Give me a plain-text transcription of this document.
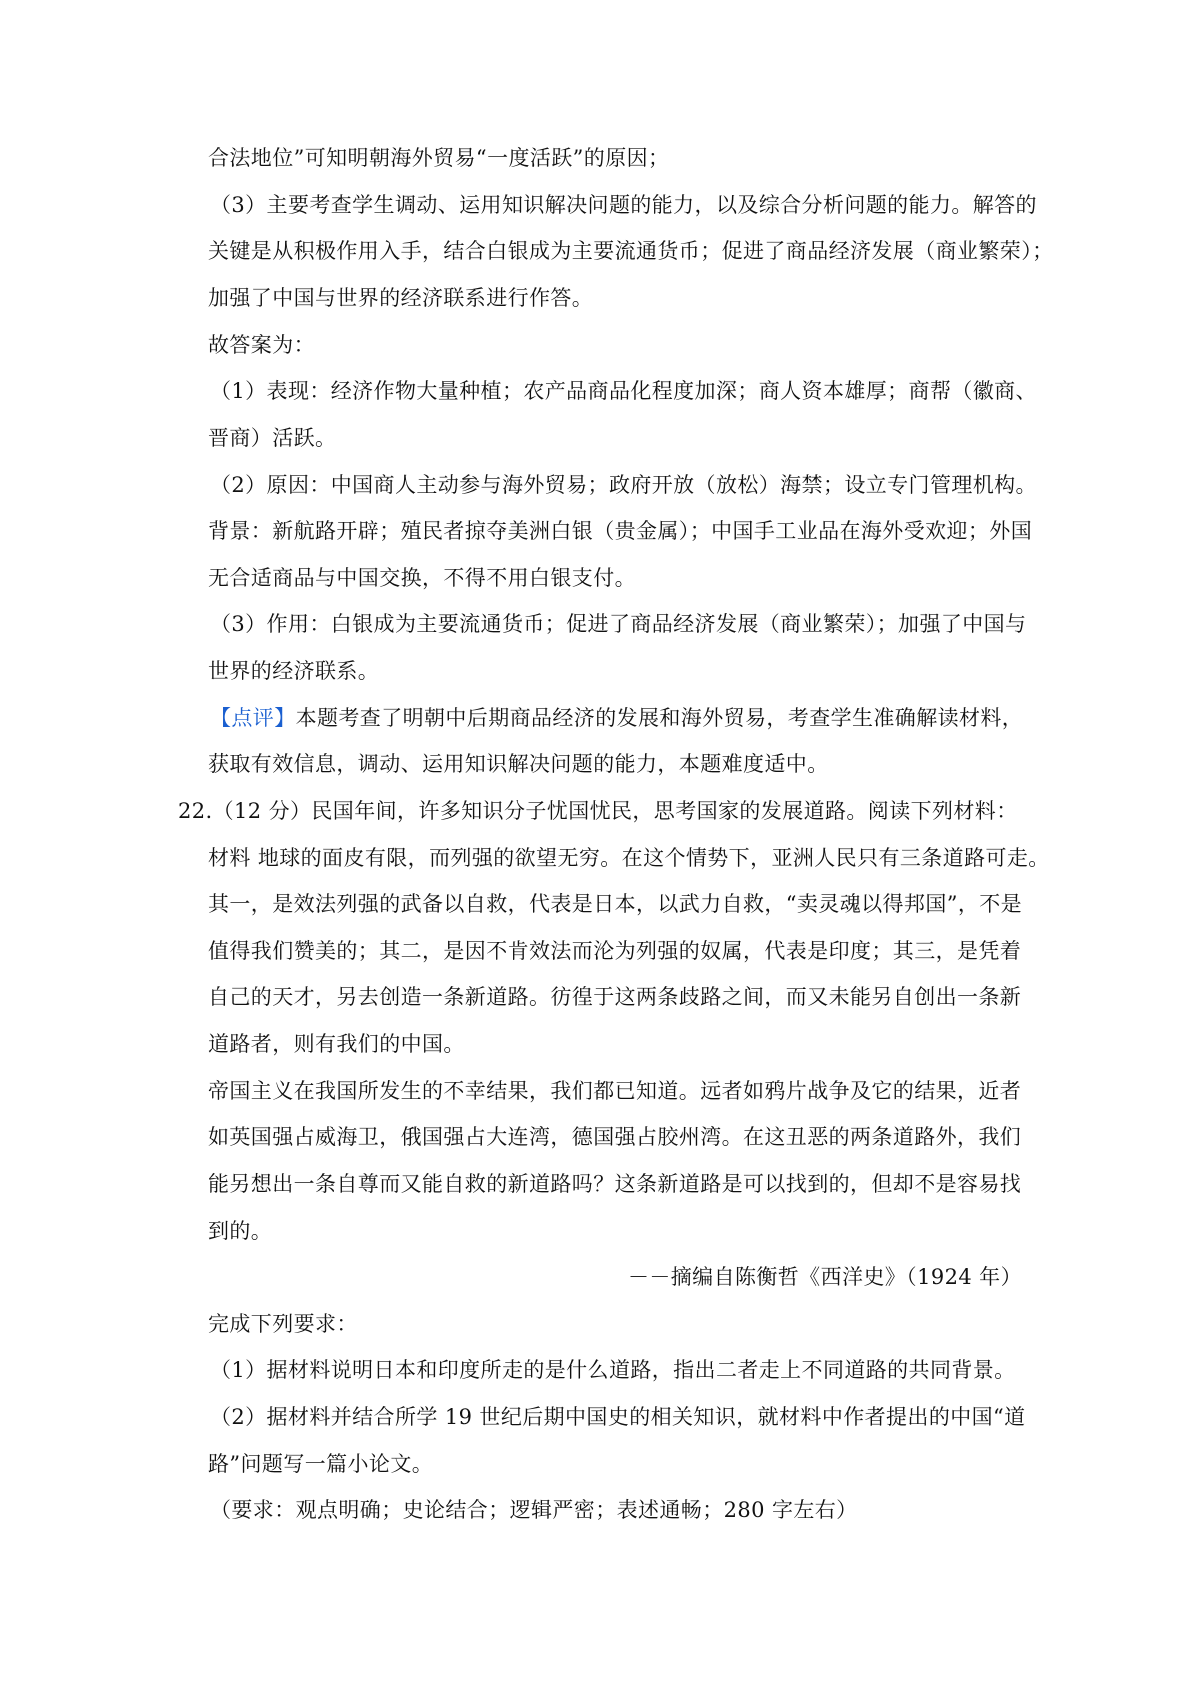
合法地位”可知明朝海外贸易“一度活跃”的原因；
（3）主要考查学生调动、运用知识解决问题的能力，以及综合分析问题的能力。解答的
关键是从积极作用入手，结合白银成为主要流通货币；促进了商品经济发展（商业繁荣）；
加强了中国与世界的经济联系进行作答。
故答案为：
（1）表现：经济作物大量种植；农产品商品化程度加深；商人资本雄厚；商帮（徽商、
晋商）活跃。
（2）原因：中国商人主动参与海外贸易；政府开放（放松）海禁；设立专门管理机构。
背景：新航路开辟；殖民者掠夺美洲白银（贵金属）；中国手工业品在海外受欢迎；外国
无合适商品与中国交换，不得不用白银支付。
（3）作用：白银成为主要流通货币；促进了商品经济发展（商业繁荣）；加强了中国与
世界的经济联系。
【点评】本题考查了明朝中后期商品经济的发展和海外贸易，考查学生准确解读材料，
获取有效信息，调动、运用知识解决问题的能力，本题难度适中。
22.（12 分）民国年间，许多知识分子忧国忧民，思考国家的发展道路。阅读下列材料：
材料 地球的面皮有限，而列强的欲望无穷。在这个情势下，亚洲人民只有三条道路可走。
其一，是效法列强的武备以自救，代表是日本，以武力自救，“卖灵魂以得邦国”，不是
值得我们赞美的；其二，是因不肯效法而沦为列强的奴属，代表是印度；其三，是凭着
自己的天才，另去创造一条新道路。彷徨于这两条歧路之间，而又未能另自创出一条新
道路者，则有我们的中国。
帝国主义在我国所发生的不幸结果，我们都已知道。远者如鸦片战争及它的结果，近者
如英国强占威海卫，俄国强占大连湾，德国强占胶州湾。在这丑恶的两条道路外，我们
能另想出一条自尊而又能自救的新道路吗？这条新道路是可以找到的，但却不是容易找
到的。
－－摘编自陈衡哲《西洋史》（1924 年）
完成下列要求：
（1）据材料说明日本和印度所走的是什么道路，指出二者走上不同道路的共同背景。
（2）据材料并结合所学 19 世纪后期中国史的相关知识，就材料中作者提出的中国“道
路”问题写一篇小论文。
（要求：观点明确；史论结合；逻辑严密；表述通畅；280 字左右）
